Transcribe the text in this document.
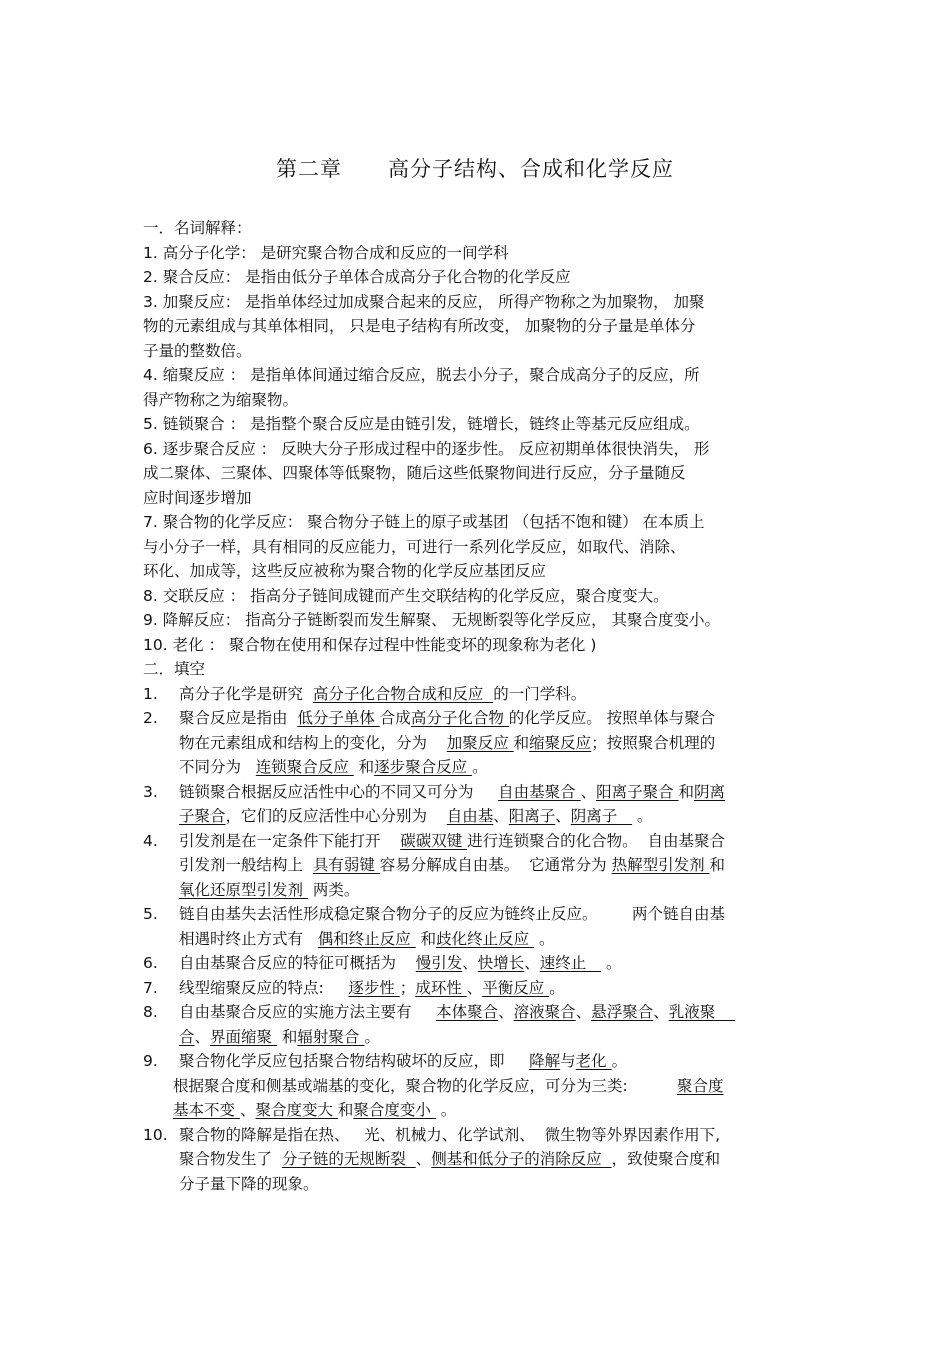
第二章 高分子结构、合成和化学反应
一．名词解释：
1. 高分子化学： 是研究聚合物合成和反应的一间学科
2. 聚合反应： 是指由低分子单体合成高分子化合物的化学反应
3. 加聚反应： 是指单体经过加成聚合起来的反应， 所得产物称之为加聚物， 加聚
物的元素组成与其单体相同， 只是电子结构有所改变， 加聚物的分子量是单体分
子量的整数倍。
4. 缩聚反应 ： 是指单体间通过缩合反应，脱去小分子，聚合成高分子的反应，所
得产物称之为缩聚物。
5. 链锁聚合 ： 是指整个聚合反应是由链引发，链增长，链终止等基元反应组成。
6. 逐步聚合反应 ： 反映大分子形成过程中的逐步性。 反应初期单体很快消失， 形
成二聚体、三聚体、四聚体等低聚物，随后这些低聚物间进行反应，分子量随反
应时间逐步增加
7. 聚合物的化学反应： 聚合物分子链上的原子或基团 （包括不饱和键） 在本质上
与小分子一样，具有相同的反应能力，可进行一系列化学反应，如取代、消除、
环化、加成等，这些反应被称为聚合物的化学反应基团反应
8. 交联反应 ： 指高分子链间成键而产生交联结构的化学反应，聚合度变大。
9. 降解反应： 指高分子链断裂而发生解聚、 无规断裂等化学反应， 其聚合度变小。
10. 老化 ： 聚合物在使用和保存过程中性能变坏的现象称为老化 )
二．填空
1.	高分子化学是研究  高分子化合物合成和反应  的一门学科。
2.	聚合反应是指由  低分子单体 合成高分子化合物 的化学反应。 按照单体与聚合
物在元素组成和结构上的变化，分为    加聚反应 和缩聚反应；按照聚合机理的
不同分为   连锁聚合反应  和逐步聚合反应 。
3.	链锁聚合根据反应活性中心的不同又可分为     自由基聚合 、阳离子聚合 和阴离
子聚合，它们的反应活性中心分别为    自由基、阳离子、阴离子    。
4.	引发剂是在一定条件下能打开    碳碳双键 进行连锁聚合的化合物。  自由基聚合
引发剂一般结构上  具有弱键 容易分解成自由基。  它通常分为 热解型引发剂 和
氧化还原型引发剂  两类。
5.	链自由基失去活性形成稳定聚合物分子的反应为链终止反应。       两个链自由基
相遇时终止方式有   偶和终止反应  和歧化终止反应  。
6.	自由基聚合反应的特征可概括为    慢引发、快增长、速终止    。
7.	线型缩聚反应的特点:     逐步性 ；成环性 、平衡反应 。
8.	自由基聚合反应的实施方法主要有     本体聚合、溶液聚合、悬浮聚合、乳液聚
合、界面缩聚  和辐射聚合 。
9.	聚合物化学反应包括聚合物结构破坏的反应，即     降解与老化 。
根据聚合度和侧基或端基的变化，聚合物的化学反应，可分为三类:          聚合度
基本不变 、聚合度变大 和聚合度变小  。
10. 聚合物的降解是指在热、   光、机械力、化学试剂、  微生物等外界因素作用下,
聚合物发生了  分子链的无规断裂  、侧基和低分子的消除反应  ，致使聚合度和
分子量下降的现象。
